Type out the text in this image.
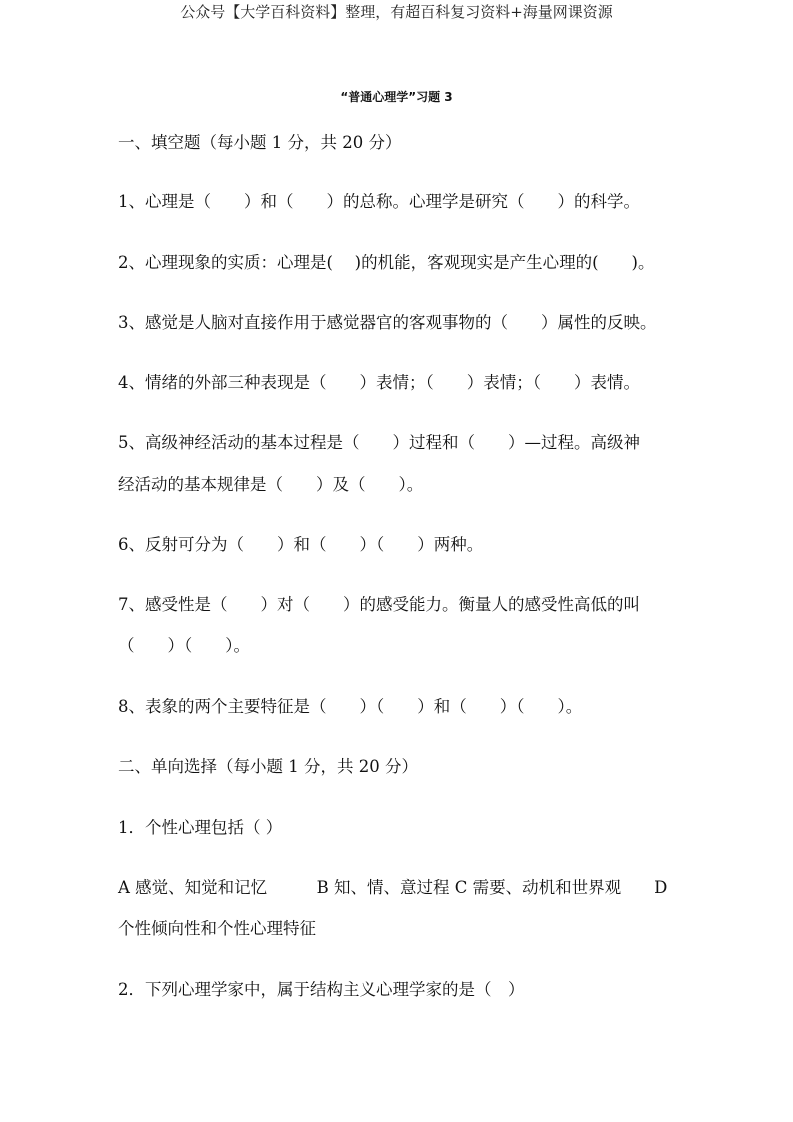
公众号【大学百科资料】整理，有超百科复习资料+海量网课资源
“普通心理学”习题 3
一、填空题（每小题 1 分，共 20 分）
1、心理是（　　）和（　　）的总称。心理学是研究（　　）的科学。
2、心理现象的实质：心理是(　 )的机能，客观现实是产生心理的(　　)。
3、感觉是人脑对直接作用于感觉器官的客观事物的（　　）属性的反映。
4、情绪的外部三种表现是（　　）表情；（　　）表情；（　　）表情。
5、高级神经活动的基本过程是（　　）过程和（　　）—过程。高级神
经活动的基本规律是（　　）及（　　）。
6、反射可分为（　　）和（　　）（　　）两种。
7、感受性是（　　）对（　　）的感受能力。衡量人的感受性高低的叫
（　　）（　　）。
8、表象的两个主要特征是（　　）（　　）和（　　）（　　）。
二、单向选择（每小题 1 分，共 20 分）
1．个性心理包括（ ）
A 感觉、知觉和记忆　　　B 知、情、意过程 C 需要、动机和世界观　　D
个性倾向性和个性心理特征
2．下列心理学家中，属于结构主义心理学家的是（　）
